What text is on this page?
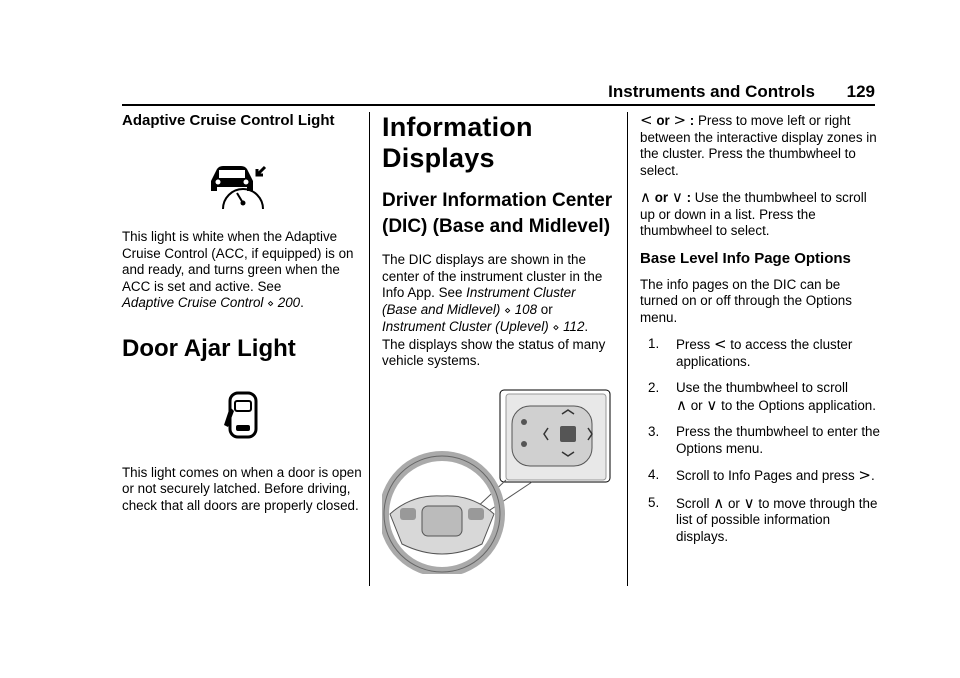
Instruments and Controls 129
Adaptive Cruise Control Light

This light is white when the Adaptive Cruise Control (ACC, if equipped) is on and ready, and turns green when the ACC is set and active. See
Adaptive Cruise Control ⋄ 200.

Door Ajar Light

This light comes on when a door is open or not securely latched. Before driving, check that all doors are properly closed.

Information Displays
Driver Information Center (DIC) (Base and Midlevel)

The DIC displays are shown in the center of the instrument cluster in the Info App. See Instrument Cluster (Base and Midlevel) ⋄ 108 or Instrument Cluster (Uplevel) ⋄ 112. The displays show the status of many vehicle systems.

< or > : Press to move left or right between the interactive display zones in the cluster. Press the thumbwheel to select.

∧ or ∨ : Use the thumbwheel to scroll up or down in a list. Press the thumbwheel to select.

Base Level Info Page Options

The info pages on the DIC can be turned on or off through the Options menu.

1.	Press < to access the cluster applications.
2.	Use the thumbwheel to scroll
∧ or ∨ to the Options application.
3.	Press the thumbwheel to enter the Options menu.
4.	Scroll to Info Pages and press >.
5.	Scroll ∧ or ∨ to move through the list of possible information displays.
